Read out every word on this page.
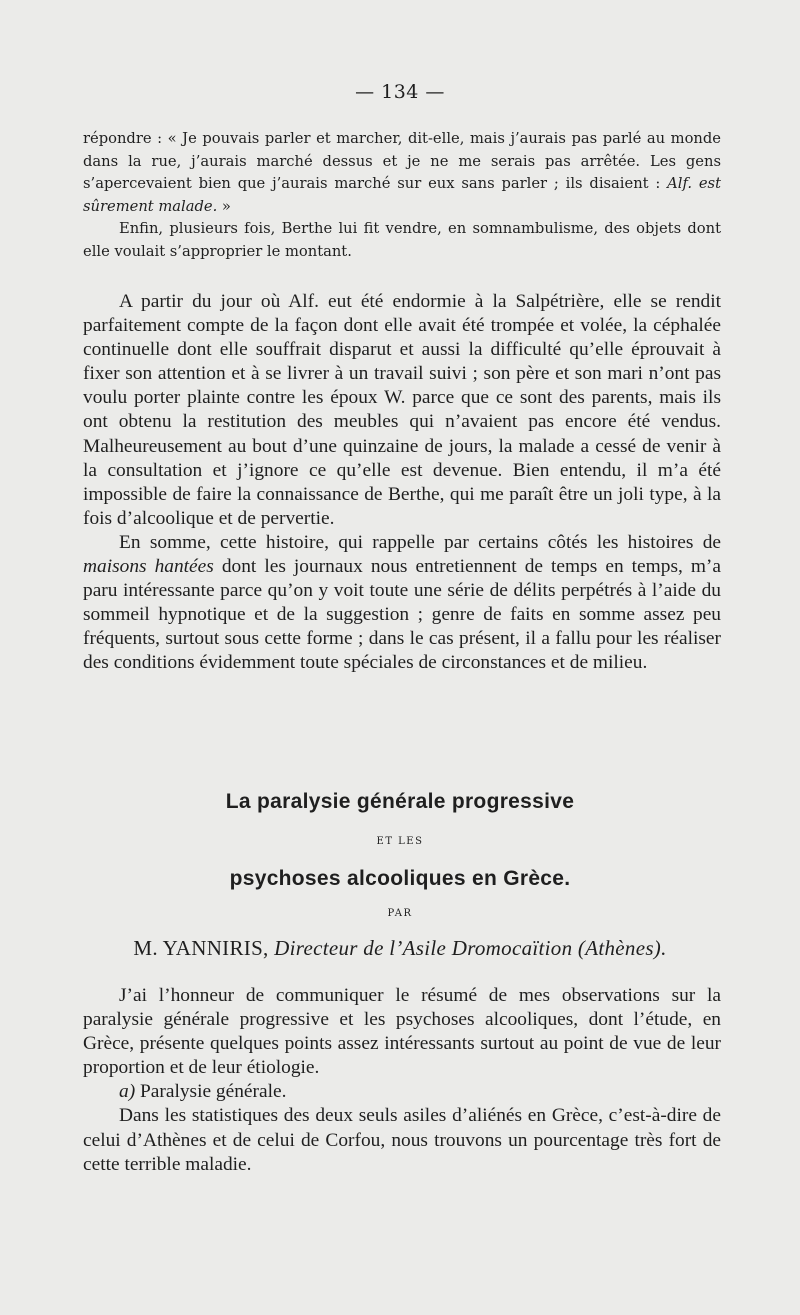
— 134 —

répondre : « Je pouvais parler et marcher, dit-elle, mais j’aurais pas parlé au monde dans la rue, j’aurais marché dessus et je ne me serais pas arrêtée. Les gens s’apercevaient bien que j’aurais marché sur eux sans parler ; ils disaient : Alf. est sûrement malade. »

Enfin, plusieurs fois, Berthe lui fit vendre, en somnambulisme, des objets dont elle voulait s’approprier le montant.

A partir du jour où Alf. eut été endormie à la Salpétrière, elle se rendit parfaitement compte de la façon dont elle avait été trompée et volée, la céphalée continuelle dont elle souffrait disparut et aussi la difficulté qu’elle éprouvait à fixer son attention et à se livrer à un travail suivi ; son père et son mari n’ont pas voulu porter plainte contre les époux W. parce que ce sont des parents, mais ils ont obtenu la restitution des meubles qui n’avaient pas encore été vendus. Malheureusement au bout d’une quinzaine de jours, la malade a cessé de venir à la consultation et j’ignore ce qu’elle est devenue. Bien entendu, il m’a été impossible de faire la connaissance de Berthe, qui me paraît être un joli type, à la fois d’alcoolique et de pervertie.

En somme, cette histoire, qui rappelle par certains côtés les histoires de maisons hantées dont les journaux nous entretiennent de temps en temps, m’a paru intéressante parce qu’on y voit toute une série de délits perpétrés à l’aide du sommeil hypnotique et de la suggestion ; genre de faits en somme assez peu fréquents, surtout sous cette forme ; dans le cas présent, il a fallu pour les réaliser des conditions évidemment toute spéciales de circonstances et de milieu.

La paralysie générale progressive
ET LES
psychoses alcooliques en Grèce.
PAR
M. YANNIRIS, Directeur de l’Asile Dromocaïtion (Athènes).

J’ai l’honneur de communiquer le résumé de mes observations sur la paralysie générale progressive et les psychoses alcooliques, dont l’étude, en Grèce, présente quelques points assez intéressants surtout au point de vue de leur proportion et de leur étiologie.

a) Paralysie générale.

Dans les statistiques des deux seuls asiles d’aliénés en Grèce, c’est-à-dire de celui d’Athènes et de celui de Corfou, nous trouvons un pourcentage très fort de cette terrible maladie.
